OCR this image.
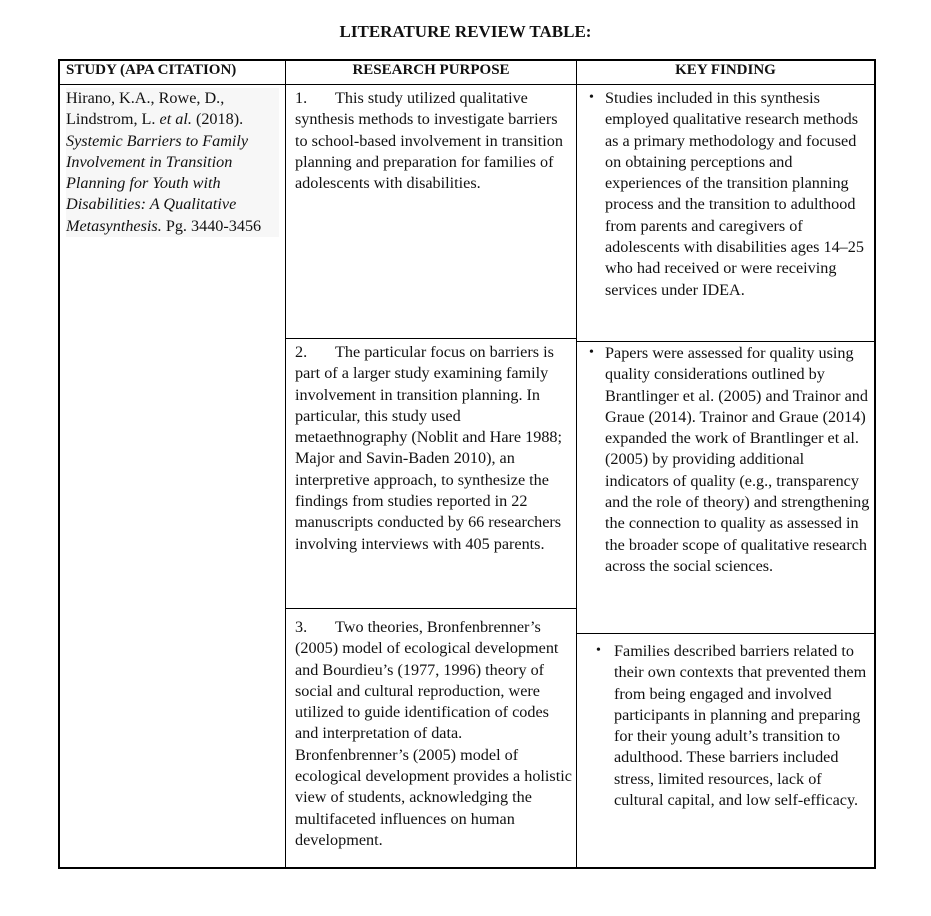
LITERATURE REVIEW TABLE:
STUDY (APA CITATION)	RESEARCH PURPOSE	KEY FINDING
Hirano, K.A., Rowe, D., Lindstrom, L. et al. (2018). Systemic Barriers to Family Involvement in Transition Planning for Youth with Disabilities: A Qualitative Metasynthesis. Pg. 3440-3456
1. This study utilized qualitative synthesis methods to investigate barriers to school-based involvement in transition planning and preparation for families of adolescents with disabilities.
2. The particular focus on barriers is part of a larger study examining family involvement in transition planning. In particular, this study used metaethnography (Noblit and Hare 1988; Major and Savin-Baden 2010), an interpretive approach, to synthesize the findings from studies reported in 22 manuscripts conducted by 66 researchers involving interviews with 405 parents.
3. Two theories, Bronfenbrenner’s (2005) model of ecological development and Bourdieu’s (1977, 1996) theory of social and cultural reproduction, were utilized to guide identification of codes and interpretation of data. Bronfenbrenner’s (2005) model of ecological development provides a holistic view of students, acknowledging the multifaceted influences on human development.
• Studies included in this synthesis employed qualitative research methods as a primary methodology and focused on obtaining perceptions and experiences of the transition planning process and the transition to adulthood from parents and caregivers of adolescents with disabilities ages 14–25 who had received or were receiving services under IDEA.
• Papers were assessed for quality using quality considerations outlined by Brantlinger et al. (2005) and Trainor and Graue (2014). Trainor and Graue (2014) expanded the work of Brantlinger et al. (2005) by providing additional indicators of quality (e.g., transparency and the role of theory) and strengthening the connection to quality as assessed in the broader scope of qualitative research across the social sciences.
• Families described barriers related to their own contexts that prevented them from being engaged and involved participants in planning and preparing for their young adult’s transition to adulthood. These barriers included stress, limited resources, lack of cultural capital, and low self-efficacy.
